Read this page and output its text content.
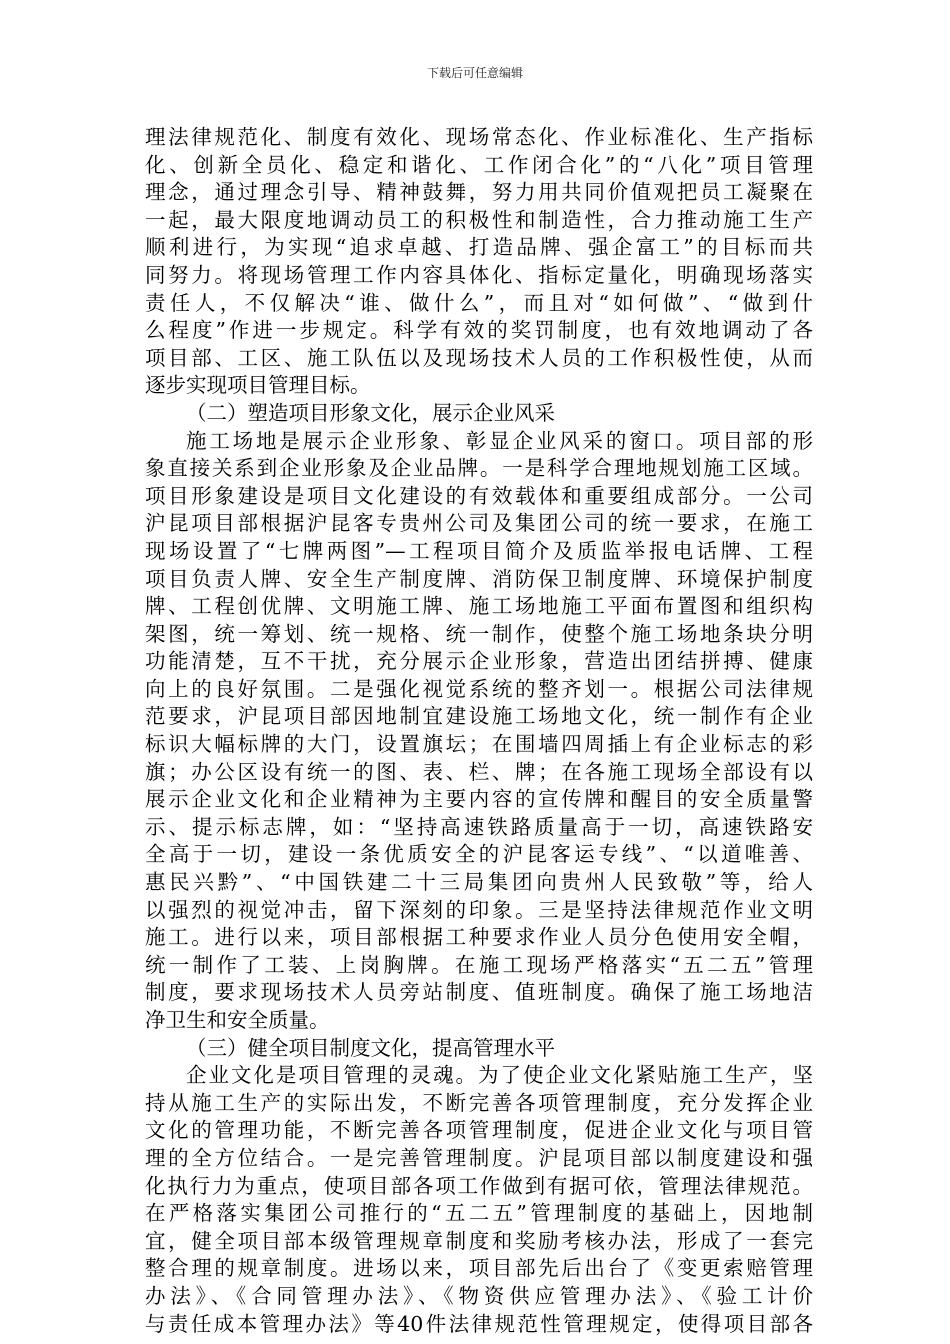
下载后可任意编辑
理法律规范化、制度有效化、现场常态化、作业标准化、生产指标
化、创新全员化、稳定和谐化、工作闭合化”的“八化”项目管理
理念，通过理念引导、精神鼓舞，努力用共同价值观把员工凝聚在
一起，最大限度地调动员工的积极性和制造性，合力推动施工生产
顺利进行，为实现“追求卓越、打造品牌、强企富工”的目标而共
同努力。将现场管理工作内容具体化、指标定量化，明确现场落实
责任人，不仅解决“谁、做什么”，而且对“如何做”、“做到什
么程度”作进一步规定。科学有效的奖罚制度，也有效地调动了各
项目部、工区、施工队伍以及现场技术人员的工作积极性使，从而
逐步实现项目管理目标。
（二）塑造项目形象文化，展示企业风采
施工场地是展示企业形象、彰显企业风采的窗口。项目部的形
象直接关系到企业形象及企业品牌。一是科学合理地规划施工区域。
项目形象建设是项目文化建设的有效载体和重要组成部分。一公司
沪昆项目部根据沪昆客专贵州公司及集团公司的统一要求，在施工
现场设置了“七牌两图”—工程项目简介及质监举报电话牌、工程
项目负责人牌、安全生产制度牌、消防保卫制度牌、环境保护制度
牌、工程创优牌、文明施工牌、施工场地施工平面布置图和组织构
架图，统一筹划、统一规格、统一制作，使整个施工场地条块分明
功能清楚，互不干扰，充分展示企业形象，营造出团结拼搏、健康
向上的良好氛围。二是强化视觉系统的整齐划一。根据公司法律规
范要求，沪昆项目部因地制宜建设施工场地文化，统一制作有企业
标识大幅标牌的大门，设置旗坛；在围墙四周插上有企业标志的彩
旗；办公区设有统一的图、表、栏、牌；在各施工现场全部设有以
展示企业文化和企业精神为主要内容的宣传牌和醒目的安全质量警
示、提示标志牌，如：“坚持高速铁路质量高于一切，高速铁路安
全高于一切，建设一条优质安全的沪昆客运专线”、“以道唯善、
惠民兴黔”、“中国铁建二十三局集团向贵州人民致敬”等，给人
以强烈的视觉冲击，留下深刻的印象。三是坚持法律规范作业文明
施工。进行以来，项目部根据工种要求作业人员分色使用安全帽，
统一制作了工装、上岗胸牌。在施工现场严格落实“五二五”管理
制度，要求现场技术人员旁站制度、值班制度。确保了施工场地洁
净卫生和安全质量。
（三）健全项目制度文化，提高管理水平
企业文化是项目管理的灵魂。为了使企业文化紧贴施工生产，坚
持从施工生产的实际出发，不断完善各项管理制度，充分发挥企业
文化的管理功能，不断完善各项管理制度，促进企业文化与项目管
理的全方位结合。一是完善管理制度。沪昆项目部以制度建设和强
化执行力为重点，使项目部各项工作做到有据可依，管理法律规范。
在严格落实集团公司推行的“五二五”管理制度的基础上，因地制
宜，健全项目部本级管理规章制度和奖励考核办法，形成了一套完
整合理的规章制度。进场以来，项目部先后出台了《变更索赔管理
办法》、《合同管理办法》、《物资供应管理办法》、《验工计价
与责任成本管理办法》等40件法律规范性管理规定，使得项目部各
